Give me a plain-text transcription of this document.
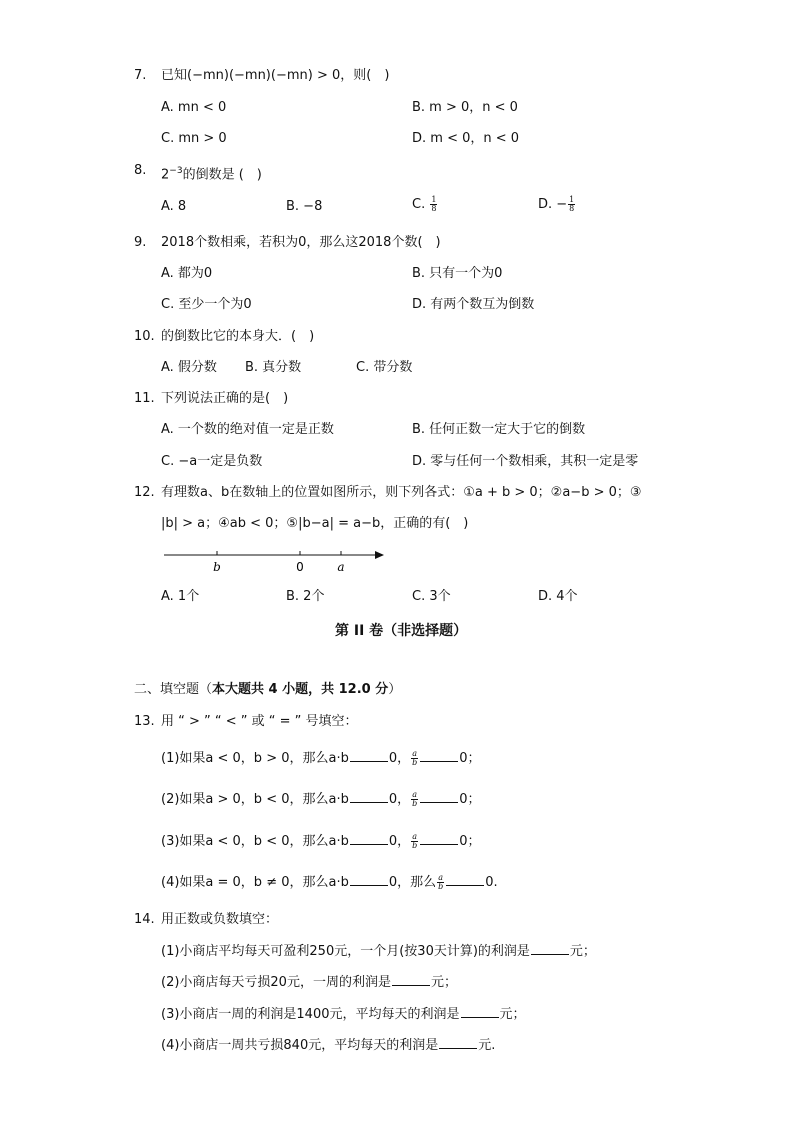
7. 已知(−mn)(−mn)(−mn) > 0，则(　)
A. mn < 0	B. m > 0，n < 0
C. mn > 0	D. m < 0，n < 0
8. $2^{-3}$的倒数是 (　)
A. 8	B. −8	C. $\frac{1}{8}$	D. − $\frac{1}{8}$
9. 2018个数相乘，若积为0，那么这2018个数(　)
A. 都为0	B. 只有一个为0
C. 至少一个为0	D. 有两个数互为倒数
10. 的倒数比它的本身大．(　)
A. 假分数 B. 真分数	C. 带分数
11. 下列说法正确的是(　)
A. 一个数的绝对值一定是正数	B. 任何正数一定大于它的倒数
C. −a一定是负数	D. 零与任何一个数相乘，其积一定是零
12. 有理数a、b在数轴上的位置如图所示，则下列各式：①a + b > 0；②a−b > 0；③
|b| > a；④ab < 0；⑤|b−a| = a−b，正确的有(　)
b	0	a
A. 1个	B. 2个	C. 3个	D. 4个
第 II 卷（非选择题）
二、填空题（本大题共 4 小题，共 12.0 分）
13. 用 “ > ” “ < ” 或 “ = ” 号填空：
(1)如果a < 0，b > 0，那么a·b	0， $\frac{a}{b}$	0；
(2)如果a > 0，b < 0，那么a·b	0， $\frac{a}{b}$	0；
(3)如果a < 0，b < 0，那么a·b	0， $\frac{a}{b}$	0；
(4)如果a = 0，b ≠ 0，那么a·b	0，那么 $\frac{a}{b}$	0.
14. 用正数或负数填空：
(1)小商店平均每天可盈利250元，一个月(按30天计算)的利润是	元；
(2)小商店每天亏损20元，一周的利润是	元；
(3)小商店一周的利润是1400元，平均每天的利润是	元；
(4)小商店一周共亏损840元，平均每天的利润是	元.
